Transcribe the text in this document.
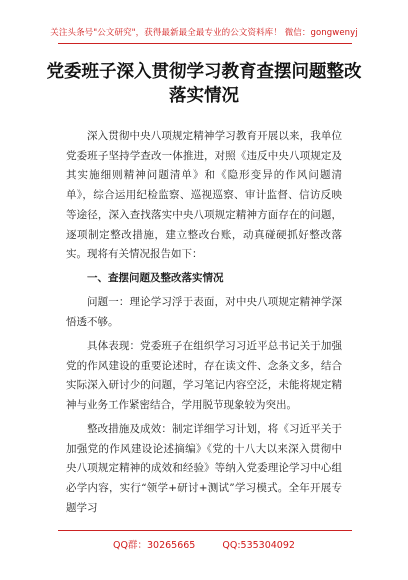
关注头条号"公文研究"，获得最新最全最专业的公文资料库！ 微信：gongwenyj
党委班子深入贯彻学习教育查摆问题整改落实情况

深入贯彻中央八项规定精神学习教育开展以来，我单位党委班子坚持学查改一体推进，对照《违反中央八项规定及其实施细则精神问题清单》和《隐形变异的作风问题清单》，综合运用纪检监察、巡视巡察、审计监督、信访反映等途径，深入查找落实中央八项规定精神方面存在的问题，逐项制定整改措施，建立整改台账，动真碰硬抓好整改落实。现将有关情况报告如下：

一、查摆问题及整改落实情况

问题一：理论学习浮于表面，对中央八项规定精神学深悟透不够。

具体表现：党委班子在组织学习习近平总书记关于加强党的作风建设的重要论述时，存在读文件、念条文多，结合实际深入研讨少的问题，学习笔记内容空泛，未能将规定精神与业务工作紧密结合，学用脱节现象较为突出。

整改措施及成效：制定详细学习计划，将《习近平关于加强党的作风建设论述摘编》《党的十八大以来深入贯彻中央八项规定精神的成效和经验》等纳入党委理论学习中心组必学内容，实行“领学+研讨+测试”学习模式。全年开展专题学习

QQ群：30265665	QQ:535304092
